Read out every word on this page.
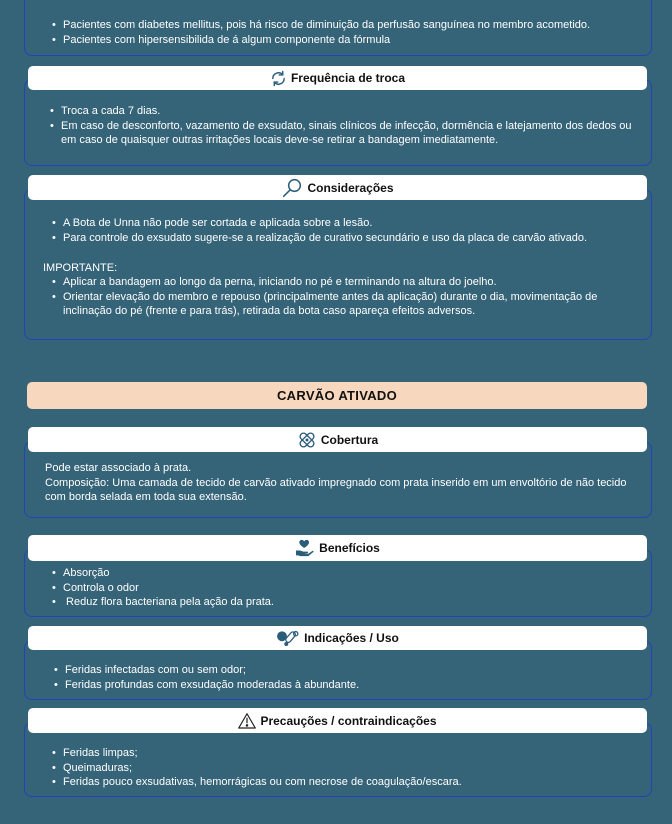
• Pacientes com diabetes mellitus, pois há risco de diminuição da perfusão sanguínea no membro acometido.
• Pacientes com hipersensibilida de á algum componente da fórmula
Frequência de troca
• Troca a cada 7 dias.
• Em caso de desconforto, vazamento de exsudato, sinais clínicos de infecção, dormência e latejamento dos dedos ou em caso de quaisquer outras irritações locais deve-se retirar a bandagem imediatamente.
Considerações
• A Bota de Unna não pode ser cortada e aplicada sobre a lesão.
• Para controle do exsudato sugere-se a realização de curativo secundário e uso da placa de carvão ativado.

IMPORTANTE:

• Aplicar a bandagem ao longo da perna, iniciando no pé e terminando na altura do joelho.
• Orientar elevação do membro e repouso (principalmente antes da aplicação) durante o dia, movimentação de inclinação do pé (frente e para trás), retirada da bota caso apareça efeitos adversos.
CARVÃO ATIVADO
Cobertura

Pode estar associado à prata.

Composição: Uma camada de tecido de carvão ativado impregnado com prata inserido em um envoltório de não tecido com borda selada em toda sua extensão.

Benefícios
• Absorção
• Controla o odor
•  Reduz flora bacteriana pela ação da prata.
Indicações / Uso
• Feridas infectadas com ou sem odor;
• Feridas profundas com exsudação moderadas à abundante.
Precauções / contraindicações
• Feridas limpas;
• Queimaduras;
• Feridas pouco exsudativas, hemorrágicas ou com necrose de coagulação/escara.
